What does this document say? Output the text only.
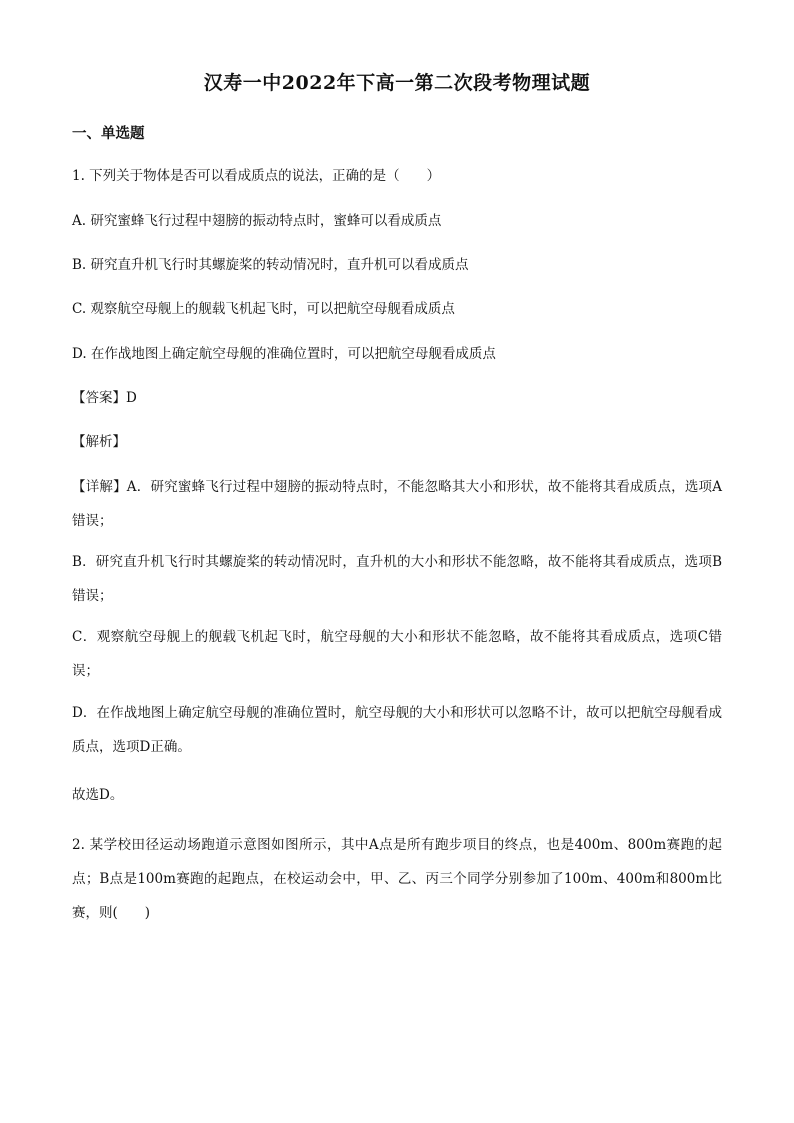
汉寿一中2022年下高一第二次段考物理试题
一、单选题
1. 下列关于物体是否可以看成质点的说法，正确的是（　　）
A. 研究蜜蜂飞行过程中翅膀的振动特点时，蜜蜂可以看成质点
B. 研究直升机飞行时其螺旋桨的转动情况时，直升机可以看成质点
C. 观察航空母舰上的舰载飞机起飞时，可以把航空母舰看成质点
D. 在作战地图上确定航空母舰的准确位置时，可以把航空母舰看成质点
【答案】D
【解析】
【详解】A．研究蜜蜂飞行过程中翅膀的振动特点时，不能忽略其大小和形状，故不能将其看成质点，选项A错误；
B．研究直升机飞行时其螺旋桨的转动情况时，直升机的大小和形状不能忽略，故不能将其看成质点，选项B错误；
C．观察航空母舰上的舰载飞机起飞时，航空母舰的大小和形状不能忽略，故不能将其看成质点，选项C错误；
D．在作战地图上确定航空母舰的准确位置时，航空母舰的大小和形状可以忽略不计，故可以把航空母舰看成质点，选项D正确。
故选D。
2. 某学校田径运动场跑道示意图如图所示，其中A点是所有跑步项目的终点，也是400m、800m赛跑的起点；B点是100m赛跑的起跑点，在校运动会中，甲、乙、丙三个同学分别参加了100m、400m和800m比赛，则(　　)
